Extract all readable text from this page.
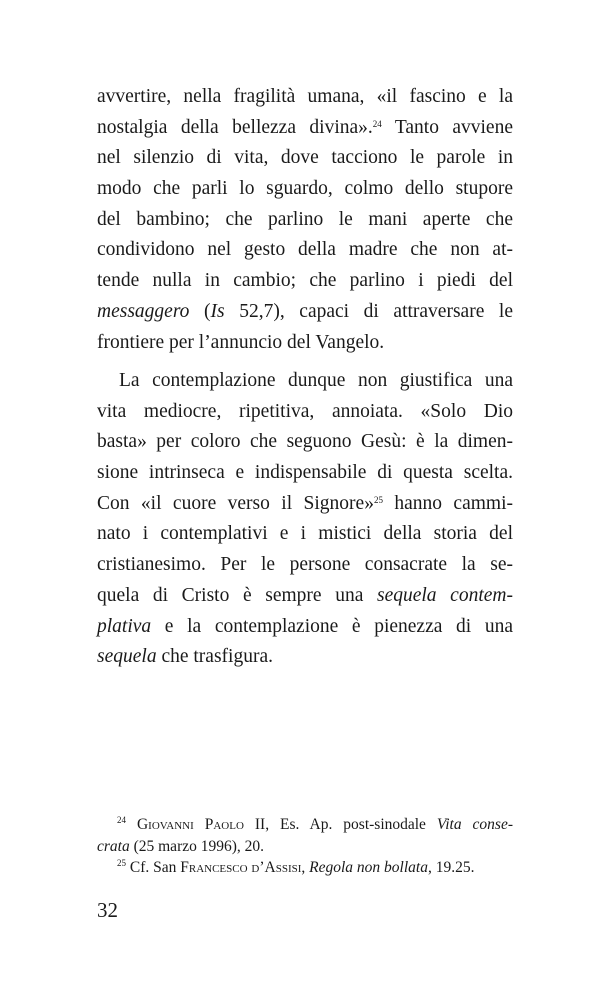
avvertire, nella fragilità umana, «il fascino e la
nostalgia della bellezza divina».$^{24}$ Tanto avviene
nel silenzio di vita, dove tacciono le parole in
modo che parli lo sguardo, colmo dello stupore
del bambino; che parlino le mani aperte che
condividono nel gesto della madre che non at-
tende nulla in cambio; che parlino i piedi del
messaggero (Is 52,7), capaci di attraversare le
frontiere per l’annuncio del Vangelo.
La contemplazione dunque non giustifica una
vita mediocre, ripetitiva, annoiata. «Solo Dio
basta» per coloro che seguono Gesù: è la dimen-
sione intrinseca e indispensabile di questa scelta.
Con «il cuore verso il Signore»$^{25}$ hanno cammi-
nato i contemplativi e i mistici della storia del
cristianesimo. Per le persone consacrate la se-
quela di Cristo è sempre una sequela contem-
plativa e la contemplazione è pienezza di una
sequela che trasfigura.
$^{24}$ Giovanni Paolo II, Es. Ap. post-sinodale Vita conse-
crata (25 marzo 1996), 20.
$^{25}$ Cf. San Francesco d’Assisi, Regola non bollata, 19.25.
32
